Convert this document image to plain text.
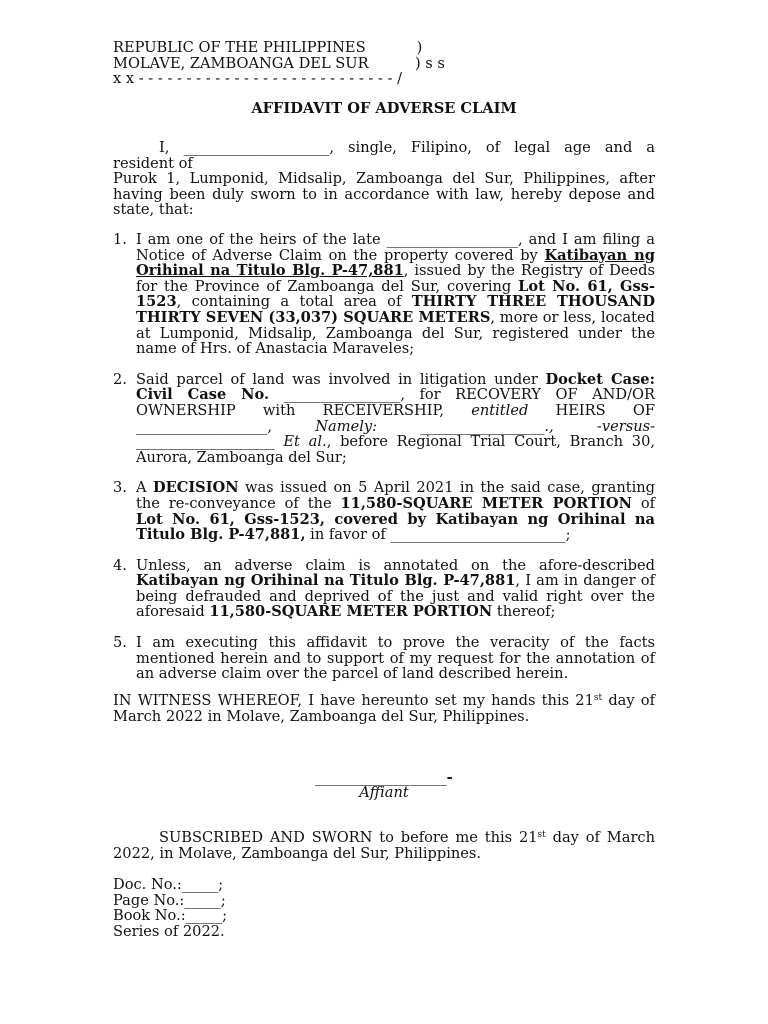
REPUBLIC OF THE PHILIPPINES           )
MOLAVE, ZAMBOANGA DEL SUR          ) s s
x x - - - - - - - - - - - - - - - - - - - - - - - - - - - /
AFFIDAVIT OF ADVERSE CLAIM
I, ____________________, single, Filipino, of legal age and a
resident of
Purok 1, Lumponid, Midsalip, Zamboanga del Sur, Philippines, after
having been duly sworn to in accordance with law, hereby depose and
state, that:
1. I am one of the heirs of the late __________________, and I am filing a Notice of Adverse Claim on the property covered by Katibayan ng Orihinal na Titulo Blg. P-47,881, issued by the Registry of Deeds for the Province of Zamboanga del Sur, covering Lot No. 61, Gss-1523, containing a total area of THIRTY THREE THOUSAND THIRTY SEVEN (33,037) SQUARE METERS, more or less, located at Lumponid, Midsalip, Zamboanga del Sur, registered under the name of Hrs. of Anastacia Maraveles;
2. Said parcel of land was involved in litigation under Docket Case: Civil Case No. ________________, for RECOVERY OF AND/OR OWNERSHIP with RECEIVERSHIP, entitled HEIRS OF __________________, Namely: _________________., -versus- ___________________ Et al., before Regional Trial Court, Branch 30, Aurora, Zamboanga del Sur;
3. A DECISION was issued on 5 April 2021 in the said case, granting the re-conveyance of the 11,580-SQUARE METER PORTION of Lot No. 61, Gss-1523, covered by Katibayan ng Orihinal na Titulo Blg. P-47,881, in favor of ________________________;
4. Unless, an adverse claim is annotated on the afore-described Katibayan ng Orihinal na Titulo Blg. P-47,881, I am in danger of being defrauded and deprived of the just and valid right over the aforesaid 11,580-SQUARE METER PORTION thereof;
5. I am executing this affidavit to prove the veracity of the facts mentioned herein and to support of my request for the annotation of an adverse claim over the parcel of land described herein.
IN WITNESS WHEREOF, I have hereunto set my hands this 21st day of March 2022 in Molave, Zamboanga del Sur, Philippines.
__________________-
Affiant
SUBSCRIBED AND SWORN to before me this 21st day of March 2022, in Molave, Zamboanga del Sur, Philippines.
Doc. No.:_____;
Page No.:_____;
Book No.:_____;
Series of 2022.
